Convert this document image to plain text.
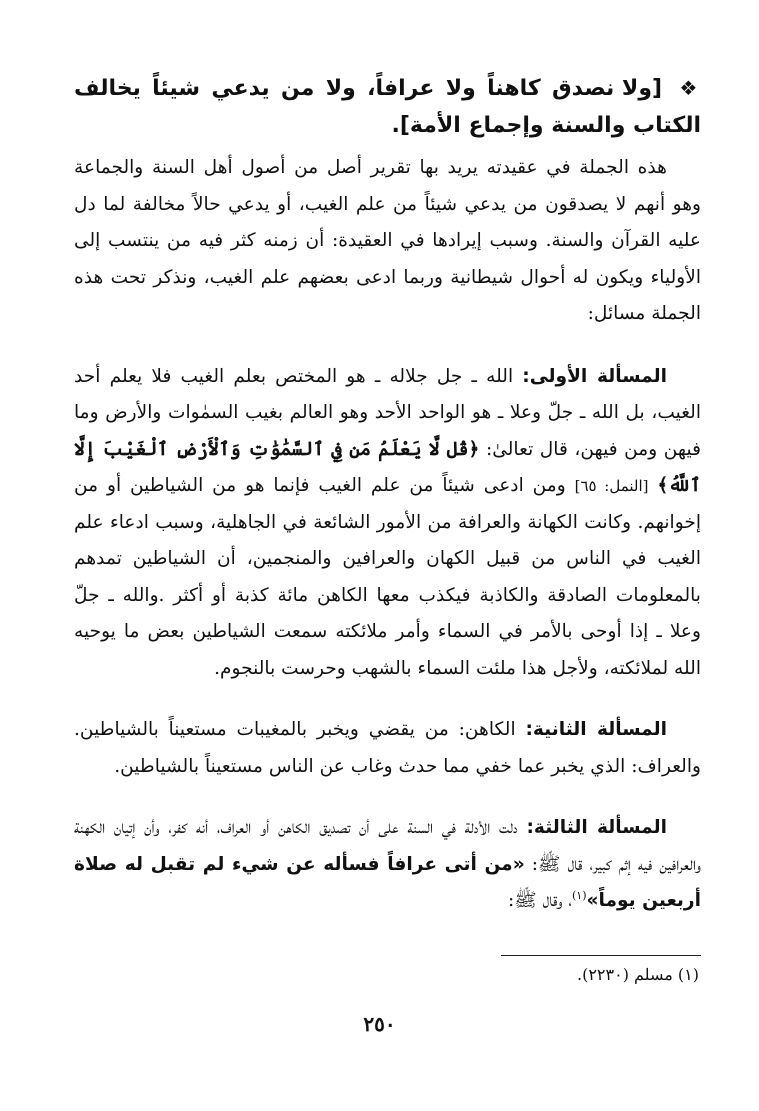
❖ [ولا نصدق كاهناً ولا عرافاً، ولا من يدعي شيئاً يخالف الكتاب والسنة وإجماع الأمة].

هذه الجملة في عقيدته يريد بها تقرير أصل من أصول أهل السنة والجماعة وهو أنهم لا يصدقون من يدعي شيئاً من علم الغيب، أو يدعي حالاً مخالفة لما دل عليه القرآن والسنة. وسبب إيرادها في العقيدة: أن زمنه كثر فيه من ينتسب إلى الأولياء ويكون له أحوال شيطانية وربما ادعى بعضهم علم الغيب، ونذكر تحت هذه الجملة مسائل:

المسألة الأولى: الله ـ جل جلاله ـ هو المختص بعلم الغيب فلا يعلم أحد الغيب، بل الله ـ جلّ وعلا ـ هو الواحد الأحد وهو العالم بغيب السمٰوات والأرض وما فيهن ومن فيهن، قال تعالىٰ: ﴿قُل لَّا يَعْلَمُ مَن فِي ٱلسَّمَٰوَٰتِ وَٱلْأَرْضِ ٱلْغَيْبَ إِلَّا ٱللَّهُ﴾ [النمل: ٦٥] ومن ادعى شيئاً من علم الغيب فإنما هو من الشياطين أو من إخوانهم. وكانت الكهانة والعرافة من الأمور الشائعة في الجاهلية، وسبب ادعاء علم الغيب في الناس من قبيل الكهان والعرافين والمنجمين، أن الشياطين تمدهم بالمعلومات الصادقة والكاذبة فيكذب معها الكاهن مائة كذبة أو أكثر .والله ـ جلّ وعلا ـ إذا أوحى بالأمر في السماء وأمر ملائكته سمعت الشياطين بعض ما يوحيه الله لملائكته، ولأجل هذا ملئت السماء بالشهب وحرست بالنجوم.

المسألة الثانية: الكاهن: من يقضي ويخبر بالمغيبات مستعيناً بالشياطين. والعراف: الذي يخبر عما خفي مما حدث وغاب عن الناس مستعيناً بالشياطين.

المسألة الثالثة: دلت الأدلة في السنة على أن تصديق الكاهن أو العراف، أنه كفر، وأن إتيان الكهنة والعرافين فيه إثم كبير، قال ﷺ: «من أتى عرافاً فسأله عن شيء لم تقبل له صلاة أربعين يوماً»$^{(١)}$، وقال ﷺ:

(١) مسلم (٢٢٣٠).
٢٥٠
